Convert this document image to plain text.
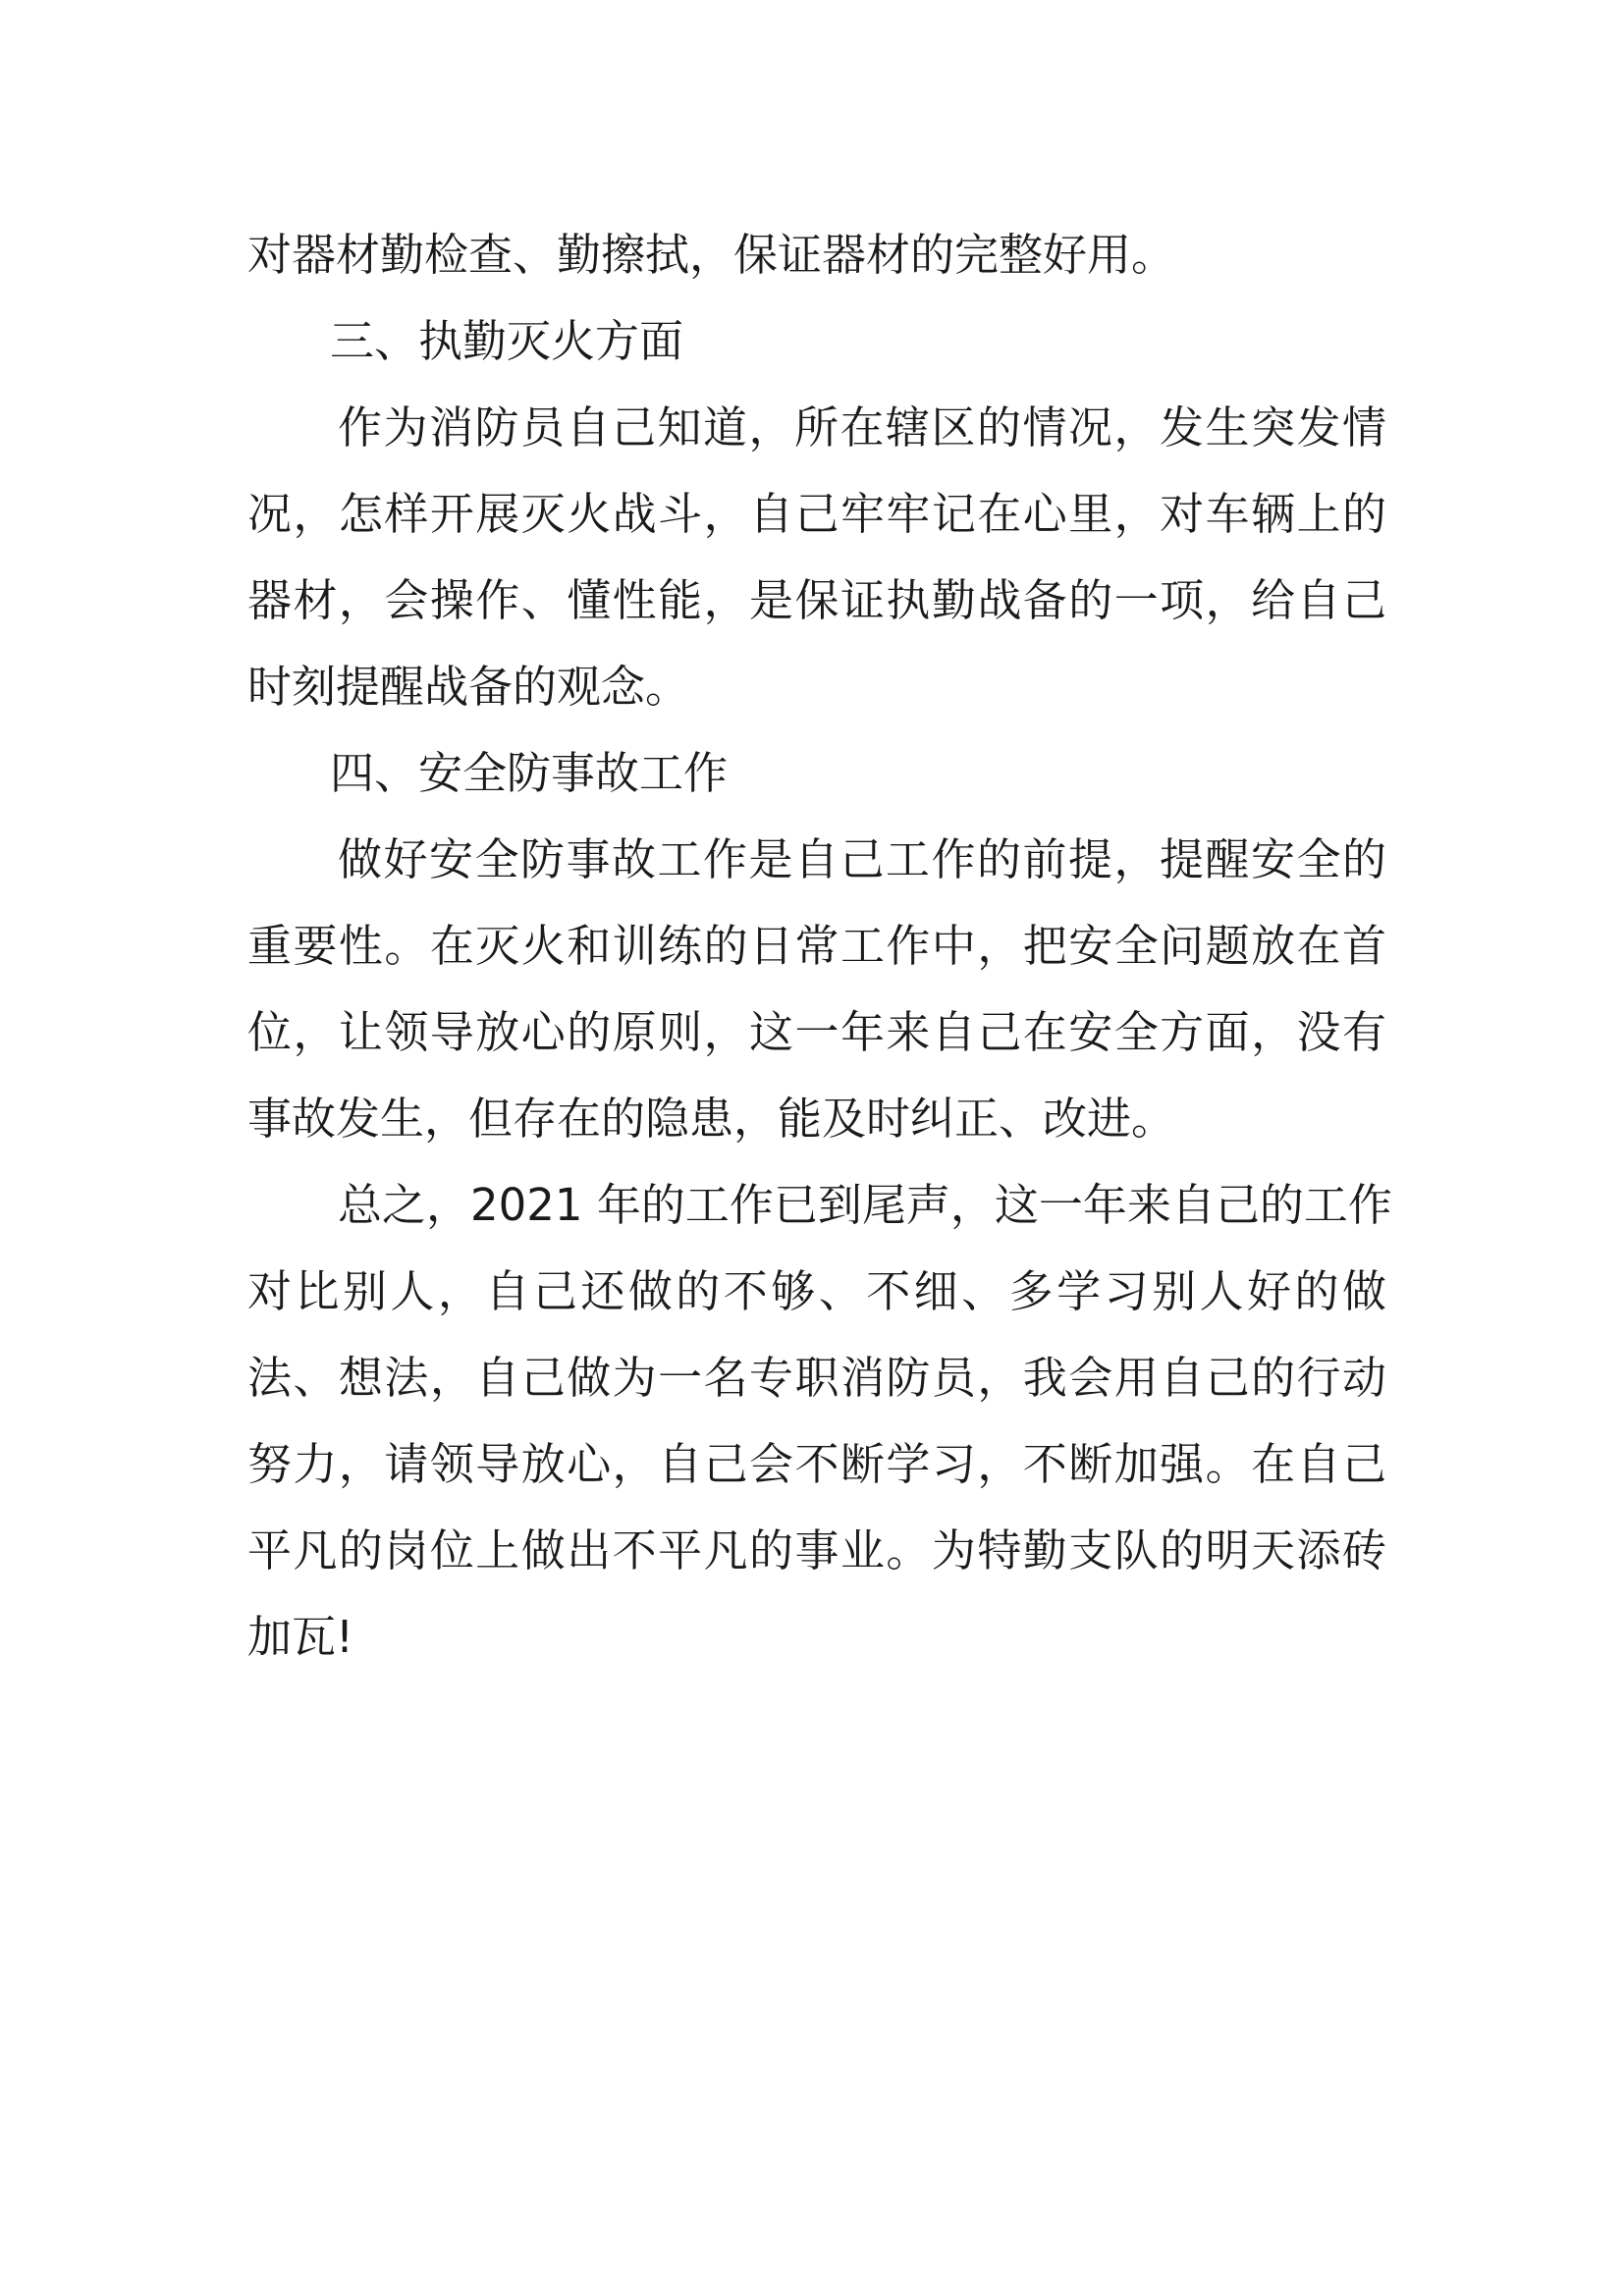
对器材勤检查、勤擦拭，保证器材的完整好用。
三、执勤灭火方面
作为消防员自己知道，所在辖区的情况，发生突发情
况，怎样开展灭火战斗，自己牢牢记在心里，对车辆上的
器材，会操作、懂性能，是保证执勤战备的一项，给自己
时刻提醒战备的观念。
四、安全防事故工作
做好安全防事故工作是自己工作的前提，提醒安全的
重要性。在灭火和训练的日常工作中，把安全问题放在首
位，让领导放心的原则，这一年来自己在安全方面，没有
事故发生，但存在的隐患，能及时纠正、改进。
总之，2021 年的工作已到尾声，这一年来自己的工作
对比别人，自己还做的不够、不细、多学习别人好的做
法、想法，自己做为一名专职消防员，我会用自己的行动
努力，请领导放心，自己会不断学习，不断加强。在自己
平凡的岗位上做出不平凡的事业。为特勤支队的明天添砖
加瓦!
